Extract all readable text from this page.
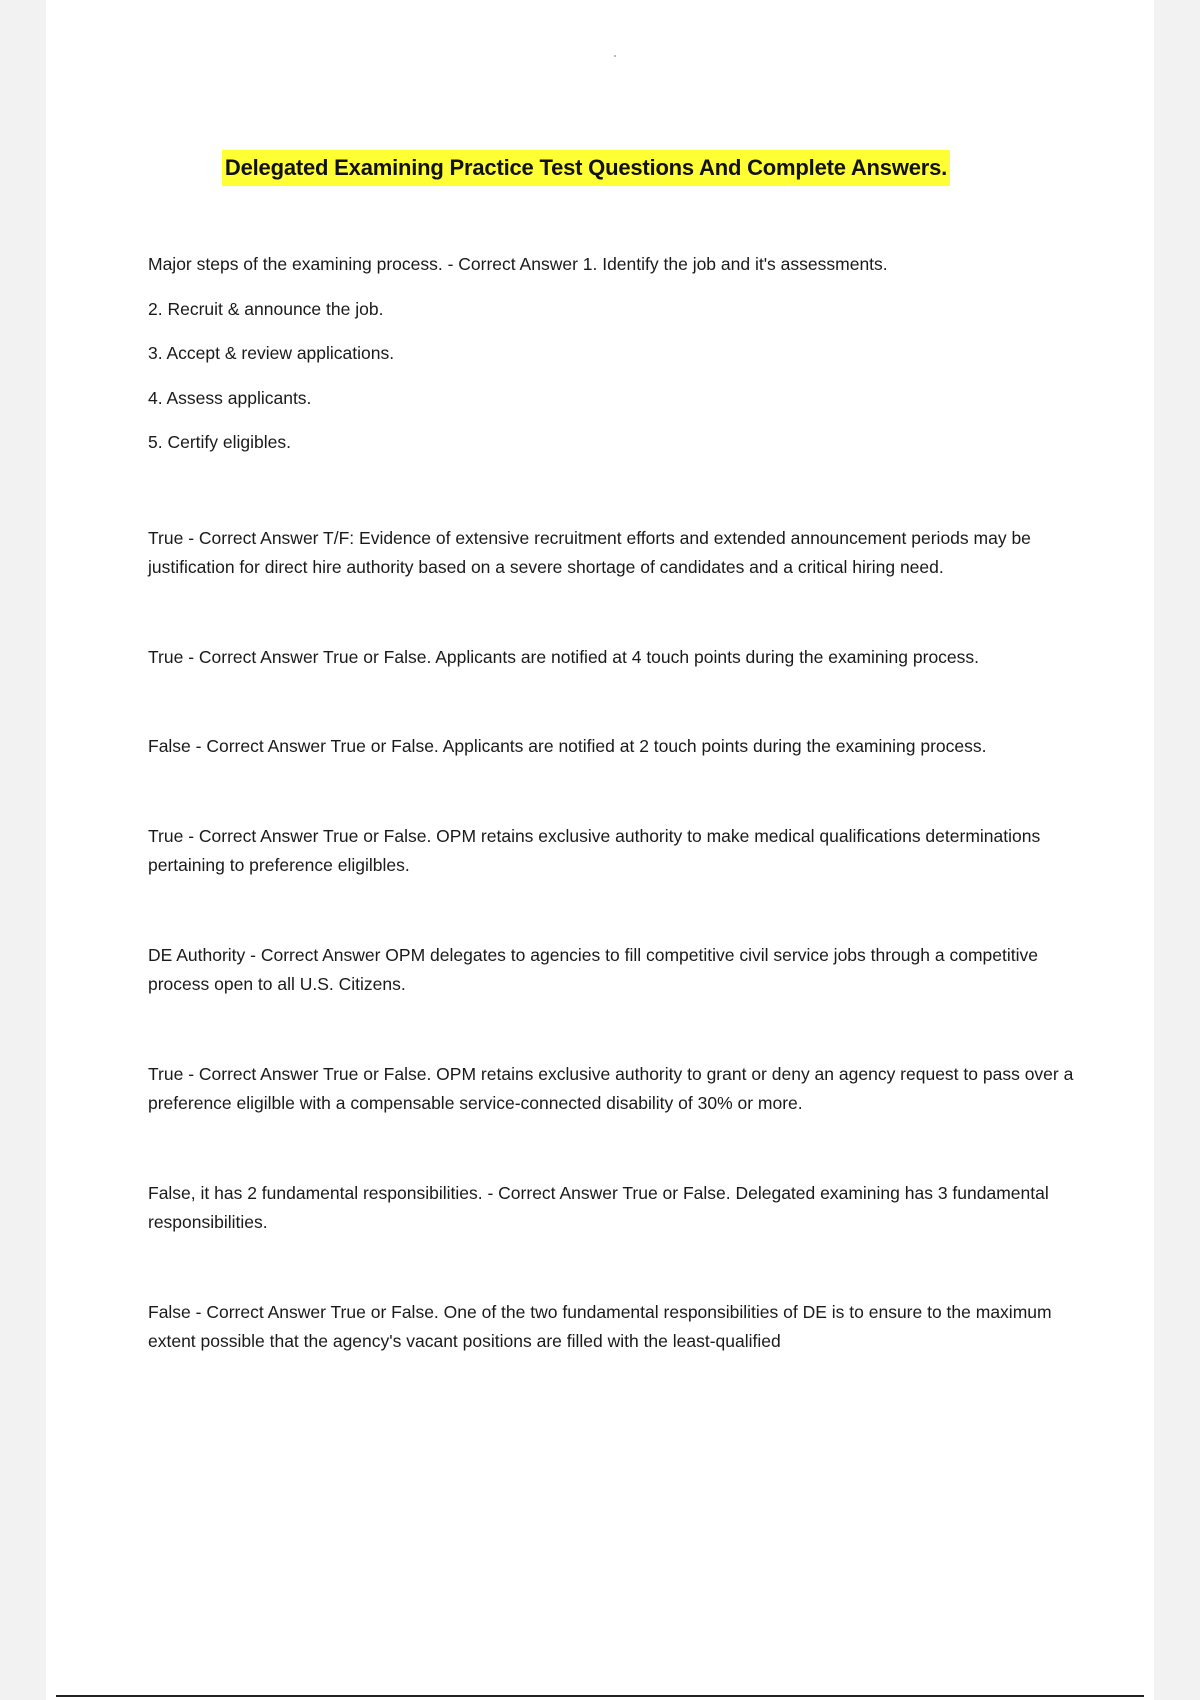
Delegated Examining Practice Test Questions And Complete Answers.

Major steps of the examining process. - Correct Answer 1. Identify the job and it's assessments.

2. Recruit & announce the job.

3. Accept & review applications.

4. Assess applicants.

5. Certify eligibles.

True - Correct Answer T/F: Evidence of extensive recruitment efforts and extended announcement periods may be justification for direct hire authority based on a severe shortage of candidates and a critical hiring need.

True - Correct Answer True or False. Applicants are notified at 4 touch points during the examining process.

False - Correct Answer True or False. Applicants are notified at 2 touch points during the examining process.

True - Correct Answer True or False. OPM retains exclusive authority to make medical qualifications determinations pertaining to preference eligilbles.

DE Authority - Correct Answer OPM delegates to agencies to fill competitive civil service jobs through a competitive process open to all U.S. Citizens.

True - Correct Answer True or False. OPM retains exclusive authority to grant or deny an agency request to pass over a preference eligilble with a compensable service-connected disability of 30% or more.

False, it has 2 fundamental responsibilities. - Correct Answer True or False. Delegated examining has 3 fundamental responsibilities.

False - Correct Answer True or False. One of the two fundamental responsibilities of DE is to ensure to the maximum extent possible that the agency's vacant positions are filled with the least-qualified
